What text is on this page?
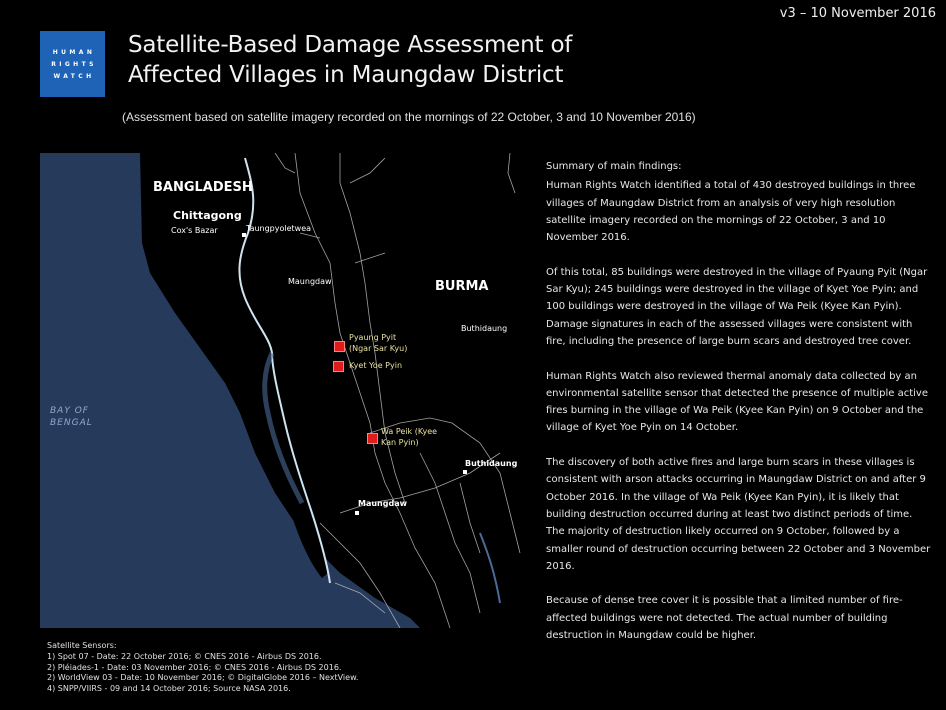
v3 – 10 November 2016
HUMAN
RIGHTS
WATCH
Satellite-Based Damage Assessment of
Affected Villages in Maungdaw District
(Assessment based on satellite imagery recorded on the mornings of 22 October, 3 and 10 November 2016)
BANGLADESH
BURMA
Chittagong
Cox's Bazar	Taungpyoletwea
Maungdaw
Buthidaung
BAY OF
BENGAL
Pyaung Pyit
(Ngar Sar Kyu)
Kyet Yoe Pyin
Wa Peik (Kyee
Kan Pyin)
Buthidaung
Maungdaw
Satellite Sensors:
1) Spot 07 - Date: 22 October 2016; © CNES 2016 - Airbus DS 2016.
2) Pléiades-1 - Date: 03 November 2016; © CNES 2016 - Airbus DS 2016.
2) WorldView 03 - Date: 10 November 2016; © DigitalGlobe 2016 – NextView.
4) SNPP/VIIRS - 09 and 14 October 2016; Source NASA 2016.

Summary of main findings:

Human Rights Watch identified a total of 430 destroyed buildings in three villages of Maungdaw District from an analysis of very high resolution satellite imagery recorded on the mornings of 22 October, 3 and 10 November 2016.

Of this total, 85 buildings were destroyed in the village of Pyaung Pyit (Ngar Sar Kyu); 245 buildings were destroyed in the village of Kyet Yoe Pyin; and 100 buildings were destroyed in the village of Wa Peik (Kyee Kan Pyin). Damage signatures in each of the assessed villages were consistent with fire, including the presence of large burn scars and destroyed tree cover.

Human Rights Watch also reviewed thermal anomaly data collected by an environmental satellite sensor that detected the presence of multiple active fires burning in the village of Wa Peik (Kyee Kan Pyin) on 9 October and the village of Kyet Yoe Pyin on 14 October.

The discovery of both active fires and large burn scars in these villages is consistent with arson attacks occurring in Maungdaw District on and after 9 October 2016. In the village of Wa Peik (Kyee Kan Pyin), it is likely that building destruction occurred during at least two distinct periods of time. The majority of destruction likely occurred on 9 October, followed by a smaller round of destruction occurring between 22 October and 3 November 2016.

Because of dense tree cover it is possible that a limited number of fire-affected buildings were not detected. The actual number of building destruction in Maungdaw could be higher.
